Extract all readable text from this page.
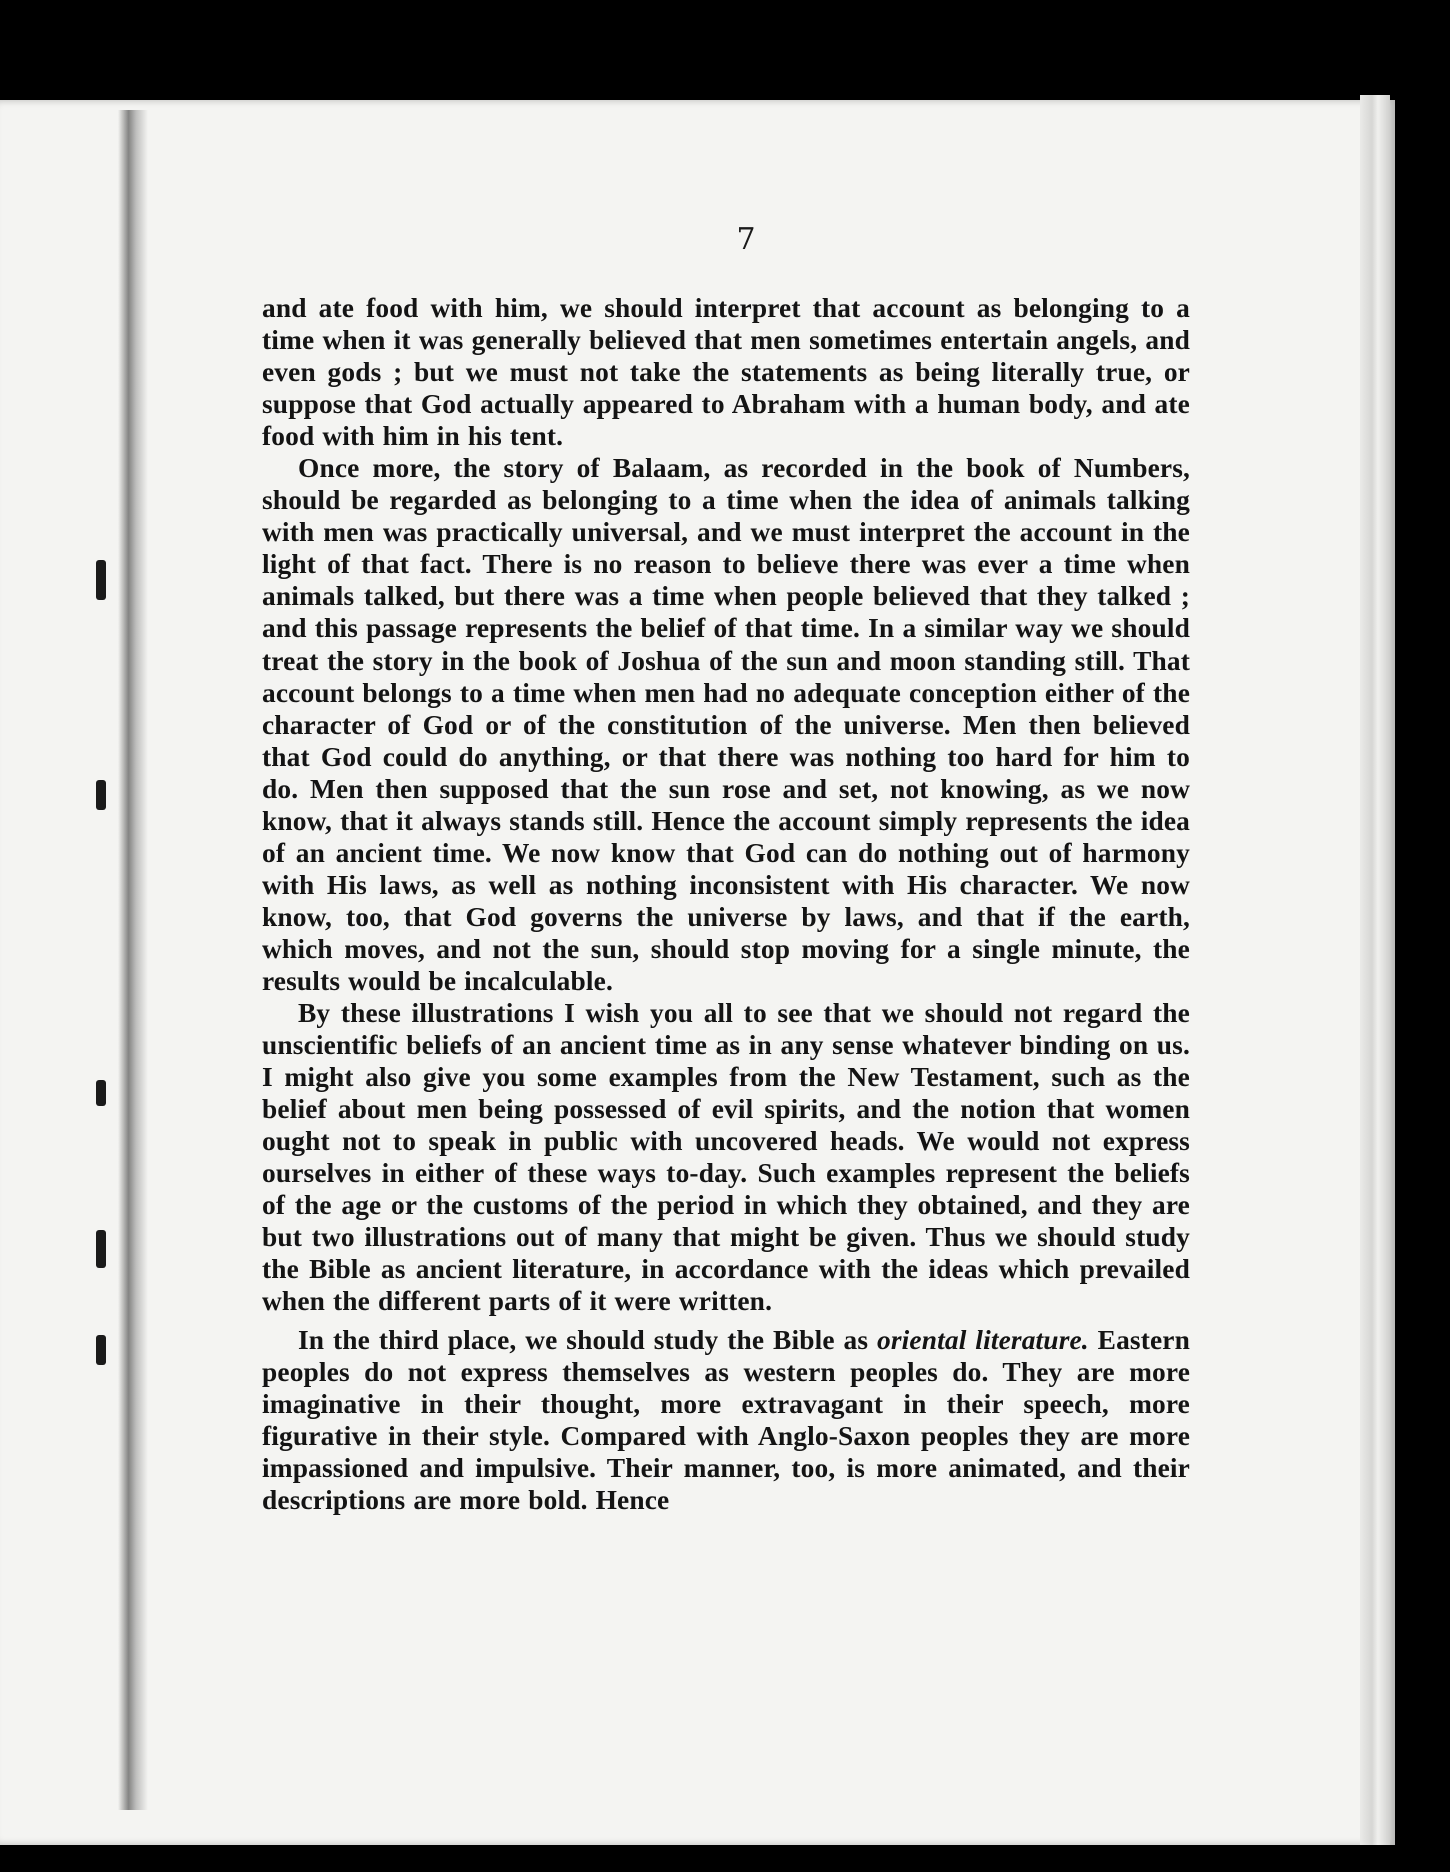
7

and ate food with him, we should interpret that account as belonging to a time when it was generally believed that men sometimes entertain angels, and even gods ; but we must not take the statements as being literally true, or suppose that God actually appeared to Abraham with a human body, and ate food with him in his tent.

Once more, the story of Balaam, as recorded in the book of Numbers, should be regarded as belonging to a time when the idea of animals talking with men was practically universal, and we must interpret the account in the light of that fact. There is no reason to believe there was ever a time when animals talked, but there was a time when people believed that they talked ; and this passage represents the belief of that time. In a similar way we should treat the story in the book of Joshua of the sun and moon standing still. That account belongs to a time when men had no adequate conception either of the character of God or of the constitution of the universe. Men then believed that God could do anything, or that there was nothing too hard for him to do. Men then supposed that the sun rose and set, not knowing, as we now know, that it always stands still. Hence the account simply represents the idea of an ancient time. We now know that God can do nothing out of harmony with His laws, as well as nothing inconsistent with His character. We now know, too, that God governs the universe by laws, and that if the earth, which moves, and not the sun, should stop moving for a single minute, the results would be incalculable.

By these illustrations I wish you all to see that we should not regard the unscientific beliefs of an ancient time as in any sense whatever binding on us. I might also give you some examples from the New Testament, such as the belief about men being possessed of evil spirits, and the notion that women ought not to speak in public with uncovered heads. We would not express ourselves in either of these ways to-day. Such examples represent the beliefs of the age or the customs of the period in which they obtained, and they are but two illustrations out of many that might be given. Thus we should study the Bible as ancient literature, in accordance with the ideas which prevailed when the different parts of it were written.

In the third place, we should study the Bible as oriental literature. Eastern peoples do not express themselves as western peoples do. They are more imaginative in their thought, more extravagant in their speech, more figurative in their style. Compared with Anglo-Saxon peoples they are more impassioned and impulsive. Their manner, too, is more animated, and their descriptions are more bold. Hence
